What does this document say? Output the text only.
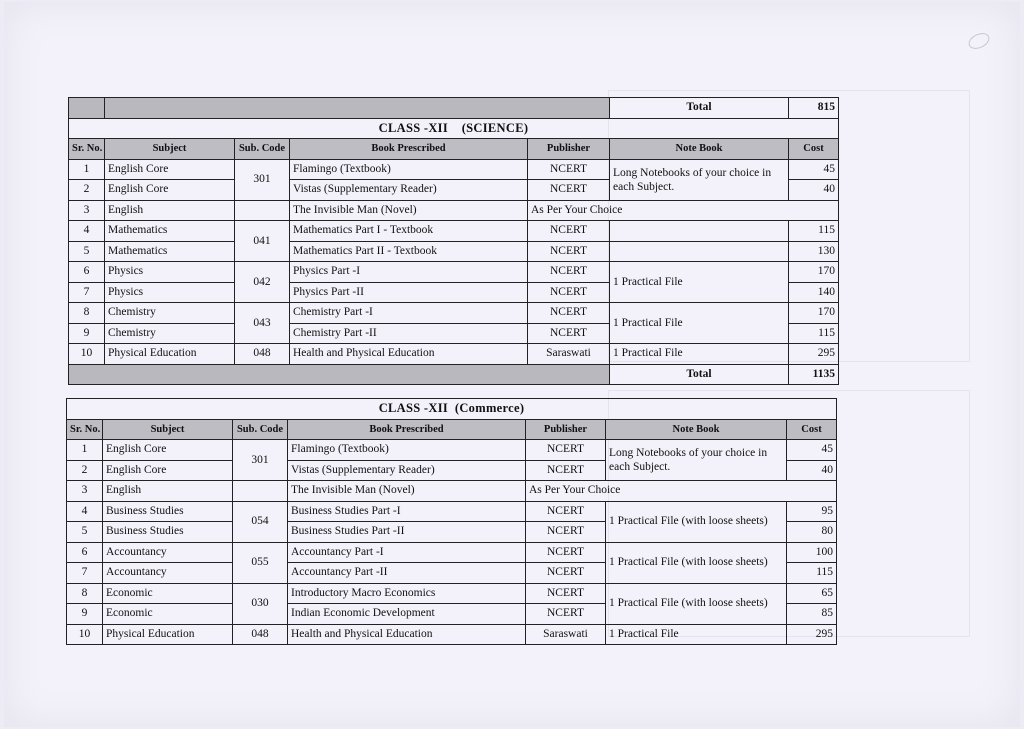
					Total	815
CLASS -XII    (SCIENCE)						
Sr. No.	Subject	Sub. Code	Book Prescribed	Publisher	Note Book	Cost
1	English Core	301	Flamingo (Textbook)	NCERT	Long Notebooks of your choice in each Subject.	45
2	English Core		Vistas (Supplementary Reader)	NCERT		40
3	English		The Invisible Man (Novel)	As Per Your Choice		
4	Mathematics	041	Mathematics Part I - Textbook	NCERT		115
5	Mathematics		Mathematics Part II - Textbook	NCERT		130
6	Physics	042	Physics Part -I	NCERT	1 Practical File	170
7	Physics		Physics Part -II	NCERT		140
8	Chemistry	043	Chemistry Part -I	NCERT	1 Practical File	170
9	Chemistry		Chemistry Part -II	NCERT		115
10	Physical Education	048	Health and Physical Education	Saraswati	1 Practical File	295
					Total	1135
CLASS -XII  (Commerce)						
Sr. No.	Subject	Sub. Code	Book Prescribed	Publisher	Note Book	Cost
1	English Core	301	Flamingo (Textbook)	NCERT	Long Notebooks of your choice in each Subject.	45
2	English Core		Vistas (Supplementary Reader)	NCERT		40
3	English		The Invisible Man (Novel)	As Per Your Choice		
4	Business Studies	054	Business Studies Part -I	NCERT	1 Practical File (with loose sheets)	95
5	Business Studies		Business Studies Part -II	NCERT		80
6	Accountancy	055	Accountancy Part -I	NCERT	1 Practical File (with loose sheets)	100
7	Accountancy		Accountancy Part -II	NCERT		115
8	Economic	030	Introductory Macro Economics	NCERT	1 Practical File (with loose sheets)	65
9	Economic		Indian Economic Development	NCERT		85
10	Physical Education	048	Health and Physical Education	Saraswati	1 Practical File	295
